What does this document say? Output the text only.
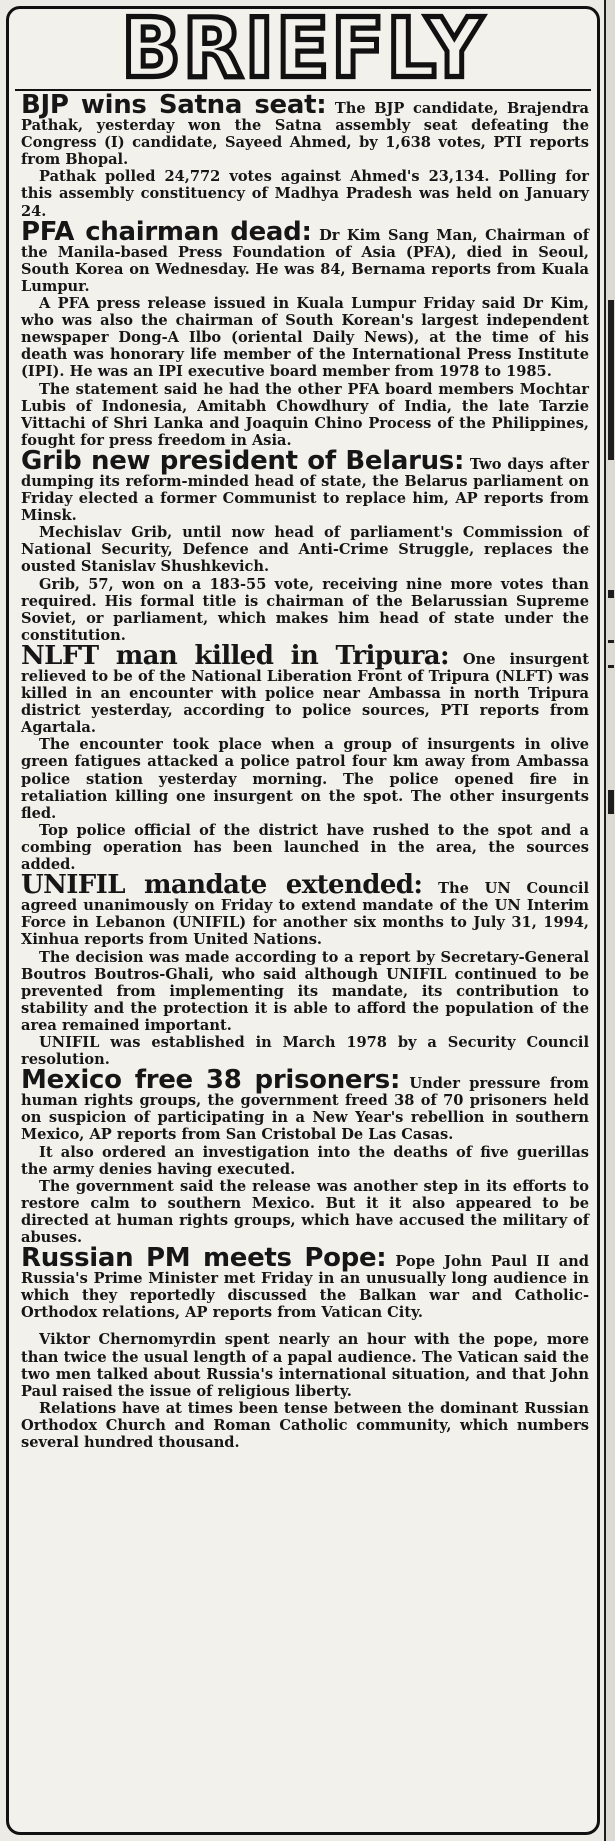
BRIEFLY

BJP wins Satna seat: The BJP candidate, Brajendra Pathak, yesterday won the Satna assembly seat defeating the Congress (I) candidate, Sayeed Ahmed, by 1,638 votes, PTI reports from Bhopal.

Pathak polled 24,772 votes against Ahmed's 23,134. Polling for this assembly constituency of Madhya Pradesh was held on January 24.

PFA chairman dead: Dr Kim Sang Man, Chairman of the Manila-based Press Foundation of Asia (PFA), died in Seoul, South Korea on Wednesday. He was 84, Bernama reports from Kuala Lumpur.

A PFA press release issued in Kuala Lumpur Friday said Dr Kim, who was also the chairman of South Korean's largest independent newspaper Dong-A Ilbo (oriental Daily News), at the time of his death was honorary life member of the International Press Institute (IPI). He was an IPI executive board member from 1978 to 1985.

The statement said he had the other PFA board members Mochtar Lubis of Indonesia, Amitabh Chowdhury of India, the late Tarzie Vittachi of Shri Lanka and Joaquin Chino Process of the Philippines, fought for press freedom in Asia.

Grib new president of Belarus: Two days after dumping its reform-minded head of state, the Belarus parliament on Friday elected a former Communist to replace him, AP reports from Minsk.

Mechislav Grib, until now head of parliament's Commission of National Security, Defence and Anti-Crime Struggle, replaces the ousted Stanislav Shushkevich.

Grib, 57, won on a 183-55 vote, receiving nine more votes than required. His formal title is chairman of the Belarussian Supreme Soviet, or parliament, which makes him head of state under the constitution.

NLFT man killed in Tripura: One insurgent relieved to be of the National Liberation Front of Tripura (NLFT) was killed in an encounter with police near Ambassa in north Tripura district yesterday, according to police sources, PTI reports from Agartala.

The encounter took place when a group of insurgents in olive green fatigues attacked a police patrol four km away from Ambassa police station yesterday morning. The police opened fire in retaliation killing one insurgent on the spot. The other insurgents fled.

Top police official of the district have rushed to the spot and a combing operation has been launched in the area, the sources added.

UNIFIL mandate extended: The UN Council agreed unanimously on Friday to extend mandate of the UN Interim Force in Lebanon (UNIFIL) for another six months to July 31, 1994, Xinhua reports from United Nations.

The decision was made according to a report by Secretary-General Boutros Boutros-Ghali, who said although UNIFIL continued to be prevented from implementing its mandate, its contribution to stability and the protection it is able to afford the population of the area remained important.

UNIFIL was established in March 1978 by a Security Council resolution.

Mexico free 38 prisoners: Under pressure from human rights groups, the government freed 38 of 70 prisoners held on suspicion of participating in a New Year's rebellion in southern Mexico, AP reports from San Cristobal De Las Casas.

It also ordered an investigation into the deaths of five guerillas the army denies having executed.

The government said the release was another step in its efforts to restore calm to southern Mexico. But it it also appeared to be directed at human rights groups, which have accused the military of abuses.

Russian PM meets Pope: Pope John Paul II and Russia's Prime Minister met Friday in an unusually long audience in which they reportedly discussed the Balkan war and Catholic-Orthodox relations, AP reports from Vatican City.

Viktor Chernomyrdin spent nearly an hour with the pope, more than twice the usual length of a papal audience. The Vatican said the two men talked about Russia's international situation, and that John Paul raised the issue of religious liberty.

Relations have at times been tense between the dominant Russian Orthodox Church and Roman Catholic community, which numbers several hundred thousand.
